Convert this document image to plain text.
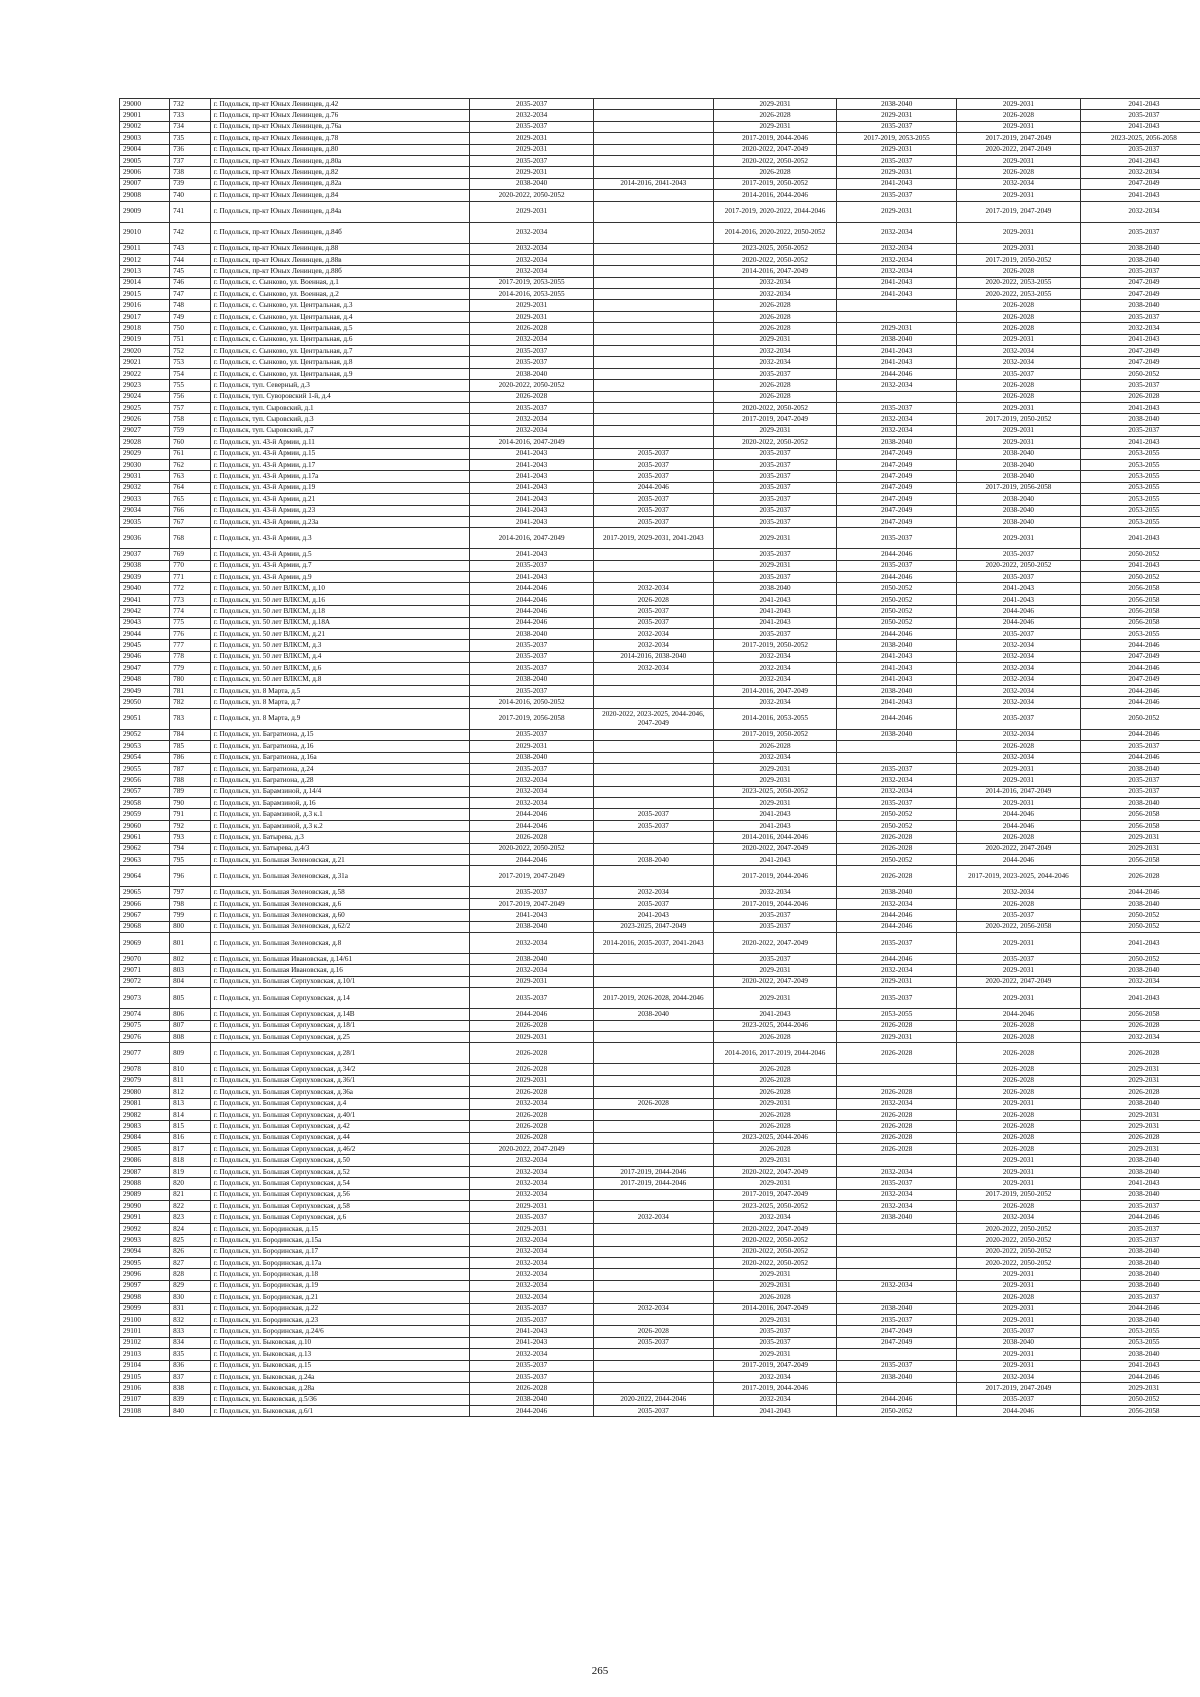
29000	732	г. Подольск, пр-кт Юных Ленинцев, д.42	2035-2037		2029-2031	2038-2040	2029-2031	2041-2043
29001	733	г. Подольск, пр-кт Юных Ленинцев, д.76	2032-2034		2026-2028	2029-2031	2026-2028	2035-2037
29002	734	г. Подольск, пр-кт Юных Ленинцев, д.76а	2035-2037		2029-2031	2035-2037	2029-2031	2041-2043
29003	735	г. Подольск, пр-кт Юных Ленинцев, д.78	2029-2031		2017-2019, 2044-2046	2017-2019, 2053-2055	2017-2019, 2047-2049	2023-2025, 2056-2058
29004	736	г. Подольск, пр-кт Юных Ленинцев, д.80	2029-2031		2020-2022, 2047-2049	2029-2031	2020-2022, 2047-2049	2035-2037
29005	737	г. Подольск, пр-кт Юных Ленинцев, д.80а	2035-2037		2020-2022, 2050-2052	2035-2037	2029-2031	2041-2043
29006	738	г. Подольск, пр-кт Юных Ленинцев, д.82	2029-2031		2026-2028	2029-2031	2026-2028	2032-2034
29007	739	г. Подольск, пр-кт Юных Ленинцев, д.82а	2038-2040	2014-2016, 2041-2043	2017-2019, 2050-2052	2041-2043	2032-2034	2047-2049
29008	740	г. Подольск, пр-кт Юных Ленинцев, д.84	2020-2022, 2050-2052		2014-2016, 2044-2046	2035-2037	2029-2031	2041-2043
29009	741	г. Подольск, пр-кт Юных Ленинцев, д.84а	2029-2031		2017-2019, 2020-2022, 2044-2046	2029-2031	2017-2019, 2047-2049	2032-2034
29010	742	г. Подольск, пр-кт Юных Ленинцев, д.84б	2032-2034		2014-2016, 2020-2022, 2050-2052	2032-2034	2029-2031	2035-2037
29011	743	г. Подольск, пр-кт Юных Ленинцев, д.88	2032-2034		2023-2025, 2050-2052	2032-2034	2029-2031	2038-2040
29012	744	г. Подольск, пр-кт Юных Ленинцев, д.88в	2032-2034		2020-2022, 2050-2052	2032-2034	2017-2019, 2050-2052	2038-2040
29013	745	г. Подольск, пр-кт Юных Ленинцев, д.88б	2032-2034		2014-2016, 2047-2049	2032-2034	2026-2028	2035-2037
29014	746	г. Подольск, с. Сынково, ул. Военная, д.1	2017-2019, 2053-2055		2032-2034	2041-2043	2020-2022, 2053-2055	2047-2049
29015	747	г. Подольск, с. Сынково, ул. Военная, д.2	2014-2016, 2053-2055		2032-2034	2041-2043	2020-2022, 2053-2055	2047-2049
29016	748	г. Подольск, с. Сынково, ул. Центральная, д.3	2029-2031		2026-2028		2026-2028	2038-2040
29017	749	г. Подольск, с. Сынково, ул. Центральная, д.4	2029-2031		2026-2028		2026-2028	2035-2037
29018	750	г. Подольск, с. Сынково, ул. Центральная, д.5	2026-2028		2026-2028	2029-2031	2026-2028	2032-2034
29019	751	г. Подольск, с. Сынково, ул. Центральная, д.6	2032-2034		2029-2031	2038-2040	2029-2031	2041-2043
29020	752	г. Подольск, с. Сынково, ул. Центральная, д.7	2035-2037		2032-2034	2041-2043	2032-2034	2047-2049
29021	753	г. Подольск, с. Сынково, ул. Центральная, д.8	2035-2037		2032-2034	2041-2043	2032-2034	2047-2049
29022	754	г. Подольск, с. Сынково, ул. Центральная, д.9	2038-2040		2035-2037	2044-2046	2035-2037	2050-2052
29023	755	г. Подольск, туп. Северный, д.3	2020-2022, 2050-2052		2026-2028	2032-2034	2026-2028	2035-2037
29024	756	г. Подольск, туп. Суворовский 1-й, д.4	2026-2028		2026-2028		2026-2028	2026-2028
29025	757	г. Подольск, туп. Сыровский, д.1	2035-2037		2020-2022, 2050-2052	2035-2037	2029-2031	2041-2043
29026	758	г. Подольск, туп. Сыровский, д.3	2032-2034		2017-2019, 2047-2049	2032-2034	2017-2019, 2050-2052	2038-2040
29027	759	г. Подольск, туп. Сыровский, д.7	2032-2034		2029-2031	2032-2034	2029-2031	2035-2037
29028	760	г. Подольск, ул. 43-й Армии, д.11	2014-2016, 2047-2049		2020-2022, 2050-2052	2038-2040	2029-2031	2041-2043
29029	761	г. Подольск, ул. 43-й Армии, д.15	2041-2043	2035-2037	2035-2037	2047-2049	2038-2040	2053-2055
29030	762	г. Подольск, ул. 43-й Армии, д.17	2041-2043	2035-2037	2035-2037	2047-2049	2038-2040	2053-2055
29031	763	г. Подольск, ул. 43-й Армии, д.17а	2041-2043	2035-2037	2035-2037	2047-2049	2038-2040	2053-2055
29032	764	г. Подольск, ул. 43-й Армии, д.19	2041-2043	2044-2046	2035-2037	2047-2049	2017-2019, 2056-2058	2053-2055
29033	765	г. Подольск, ул. 43-й Армии, д.21	2041-2043	2035-2037	2035-2037	2047-2049	2038-2040	2053-2055
29034	766	г. Подольск, ул. 43-й Армии, д.23	2041-2043	2035-2037	2035-2037	2047-2049	2038-2040	2053-2055
29035	767	г. Подольск, ул. 43-й Армии, д.23а	2041-2043	2035-2037	2035-2037	2047-2049	2038-2040	2053-2055
29036	768	г. Подольск, ул. 43-й Армии, д.3	2014-2016, 2047-2049	2017-2019, 2029-2031, 2041-2043	2029-2031	2035-2037	2029-2031	2041-2043
29037	769	г. Подольск, ул. 43-й Армии, д.5	2041-2043		2035-2037	2044-2046	2035-2037	2050-2052
29038	770	г. Подольск, ул. 43-й Армии, д.7	2035-2037		2029-2031	2035-2037	2020-2022, 2050-2052	2041-2043
29039	771	г. Подольск, ул. 43-й Армии, д.9	2041-2043		2035-2037	2044-2046	2035-2037	2050-2052
29040	772	г. Подольск, ул. 50 лет ВЛКСМ, д.10	2044-2046	2032-2034	2038-2040	2050-2052	2041-2043	2056-2058
29041	773	г. Подольск, ул. 50 лет ВЛКСМ, д.16	2044-2046	2026-2028	2041-2043	2050-2052	2041-2043	2056-2058
29042	774	г. Подольск, ул. 50 лет ВЛКСМ, д.18	2044-2046	2035-2037	2041-2043	2050-2052	2044-2046	2056-2058
29043	775	г. Подольск, ул. 50 лет ВЛКСМ, д.18А	2044-2046	2035-2037	2041-2043	2050-2052	2044-2046	2056-2058
29044	776	г. Подольск, ул. 50 лет ВЛКСМ, д.21	2038-2040	2032-2034	2035-2037	2044-2046	2035-2037	2053-2055
29045	777	г. Подольск, ул. 50 лет ВЛКСМ, д.3	2035-2037	2032-2034	2017-2019, 2050-2052	2038-2040	2032-2034	2044-2046
29046	778	г. Подольск, ул. 50 лет ВЛКСМ, д.4	2035-2037	2014-2016, 2038-2040	2032-2034	2041-2043	2032-2034	2047-2049
29047	779	г. Подольск, ул. 50 лет ВЛКСМ, д.6	2035-2037	2032-2034	2032-2034	2041-2043	2032-2034	2044-2046
29048	780	г. Подольск, ул. 50 лет ВЛКСМ, д.8	2038-2040		2032-2034	2041-2043	2032-2034	2047-2049
29049	781	г. Подольск, ул. 8 Марта, д.5	2035-2037		2014-2016, 2047-2049	2038-2040	2032-2034	2044-2046
29050	782	г. Подольск, ул. 8 Марта, д.7	2014-2016, 2050-2052		2032-2034	2041-2043	2032-2034	2044-2046
29051	783	г. Подольск, ул. 8 Марта, д.9	2017-2019, 2056-2058	2020-2022, 2023-2025, 2044-2046, 2047-2049	2014-2016, 2053-2055	2044-2046	2035-2037	2050-2052
29052	784	г. Подольск, ул. Багратиона, д.15	2035-2037		2017-2019, 2050-2052	2038-2040	2032-2034	2044-2046
29053	785	г. Подольск, ул. Багратиона, д.16	2029-2031		2026-2028		2026-2028	2035-2037
29054	786	г. Подольск, ул. Багратиона, д.16а	2038-2040		2032-2034		2032-2034	2044-2046
29055	787	г. Подольск, ул. Багратиона, д.24	2035-2037		2029-2031	2035-2037	2029-2031	2038-2040
29056	788	г. Подольск, ул. Багратиона, д.28	2032-2034		2029-2031	2032-2034	2029-2031	2035-2037
29057	789	г. Подольск, ул. Барамзиной, д.14/4	2032-2034		2023-2025, 2050-2052	2032-2034	2014-2016, 2047-2049	2035-2037
29058	790	г. Подольск, ул. Барамзиной, д.16	2032-2034		2029-2031	2035-2037	2029-2031	2038-2040
29059	791	г. Подольск, ул. Барамзиной, д.3 к.1	2044-2046	2035-2037	2041-2043	2050-2052	2044-2046	2056-2058
29060	792	г. Подольск, ул. Барамзиной, д.3 к.2	2044-2046	2035-2037	2041-2043	2050-2052	2044-2046	2056-2058
29061	793	г. Подольск, ул. Батырева, д.3	2026-2028		2014-2016, 2044-2046	2026-2028	2026-2028	2029-2031
29062	794	г. Подольск, ул. Батырева, д.4/3	2020-2022, 2050-2052		2020-2022, 2047-2049	2026-2028	2020-2022, 2047-2049	2029-2031
29063	795	г. Подольск, ул. Большая Зеленовская, д.21	2044-2046	2038-2040	2041-2043	2050-2052	2044-2046	2056-2058
29064	796	г. Подольск, ул. Большая Зеленовская, д.31а	2017-2019, 2047-2049		2017-2019, 2044-2046	2026-2028	2017-2019, 2023-2025, 2044-2046	2026-2028
29065	797	г. Подольск, ул. Большая Зеленовская, д.58	2035-2037	2032-2034	2032-2034	2038-2040	2032-2034	2044-2046
29066	798	г. Подольск, ул. Большая Зеленовская, д.6	2017-2019, 2047-2049	2035-2037	2017-2019, 2044-2046	2032-2034	2026-2028	2038-2040
29067	799	г. Подольск, ул. Большая Зеленовская, д.60	2041-2043	2041-2043	2035-2037	2044-2046	2035-2037	2050-2052
29068	800	г. Подольск, ул. Большая Зеленовская, д.62/2	2038-2040	2023-2025, 2047-2049	2035-2037	2044-2046	2020-2022, 2056-2058	2050-2052
29069	801	г. Подольск, ул. Большая Зеленовская, д.8	2032-2034	2014-2016, 2035-2037, 2041-2043	2020-2022, 2047-2049	2035-2037	2029-2031	2041-2043
29070	802	г. Подольск, ул. Большая Ивановская, д.14/61	2038-2040		2035-2037	2044-2046	2035-2037	2050-2052
29071	803	г. Подольск, ул. Большая Ивановская, д.16	2032-2034		2029-2031	2032-2034	2029-2031	2038-2040
29072	804	г. Подольск, ул. Большая Серпуховская, д.10/1	2029-2031		2020-2022, 2047-2049	2029-2031	2020-2022, 2047-2049	2032-2034
29073	805	г. Подольск, ул. Большая Серпуховская, д.14	2035-2037	2017-2019, 2026-2028, 2044-2046	2029-2031	2035-2037	2029-2031	2041-2043
29074	806	г. Подольск, ул. Большая Серпуховская, д.14В	2044-2046	2038-2040	2041-2043	2053-2055	2044-2046	2056-2058
29075	807	г. Подольск, ул. Большая Серпуховская, д.18/1	2026-2028		2023-2025, 2044-2046	2026-2028	2026-2028	2026-2028
29076	808	г. Подольск, ул. Большая Серпуховская, д.25	2029-2031		2026-2028	2029-2031	2026-2028	2032-2034
29077	809	г. Подольск, ул. Большая Серпуховская, д.28/1	2026-2028		2014-2016, 2017-2019, 2044-2046	2026-2028	2026-2028	2026-2028
29078	810	г. Подольск, ул. Большая Серпуховская, д.34/2	2026-2028		2026-2028		2026-2028	2029-2031
29079	811	г. Подольск, ул. Большая Серпуховская, д.36/1	2029-2031		2026-2028		2026-2028	2029-2031
29080	812	г. Подольск, ул. Большая Серпуховская, д.36а	2026-2028		2026-2028	2026-2028	2026-2028	2026-2028
29081	813	г. Подольск, ул. Большая Серпуховская, д.4	2032-2034	2026-2028	2029-2031	2032-2034	2029-2031	2038-2040
29082	814	г. Подольск, ул. Большая Серпуховская, д.40/1	2026-2028		2026-2028	2026-2028	2026-2028	2029-2031
29083	815	г. Подольск, ул. Большая Серпуховская, д.42	2026-2028		2026-2028	2026-2028	2026-2028	2029-2031
29084	816	г. Подольск, ул. Большая Серпуховская, д.44	2026-2028		2023-2025, 2044-2046	2026-2028	2026-2028	2026-2028
29085	817	г. Подольск, ул. Большая Серпуховская, д.46/2	2020-2022, 2047-2049		2026-2028	2026-2028	2026-2028	2029-2031
29086	818	г. Подольск, ул. Большая Серпуховская, д.50	2032-2034		2029-2031		2029-2031	2038-2040
29087	819	г. Подольск, ул. Большая Серпуховская, д.52	2032-2034	2017-2019, 2044-2046	2020-2022, 2047-2049	2032-2034	2029-2031	2038-2040
29088	820	г. Подольск, ул. Большая Серпуховская, д.54	2032-2034	2017-2019, 2044-2046	2029-2031	2035-2037	2029-2031	2041-2043
29089	821	г. Подольск, ул. Большая Серпуховская, д.56	2032-2034		2017-2019, 2047-2049	2032-2034	2017-2019, 2050-2052	2038-2040
29090	822	г. Подольск, ул. Большая Серпуховская, д.58	2029-2031		2023-2025, 2050-2052	2032-2034	2026-2028	2035-2037
29091	823	г. Подольск, ул. Большая Серпуховская, д.6	2035-2037	2032-2034	2032-2034	2038-2040	2032-2034	2044-2046
29092	824	г. Подольск, ул. Бородинская, д.15	2029-2031		2020-2022, 2047-2049		2020-2022, 2050-2052	2035-2037
29093	825	г. Подольск, ул. Бородинская, д.15а	2032-2034		2020-2022, 2050-2052		2020-2022, 2050-2052	2035-2037
29094	826	г. Подольск, ул. Бородинская, д.17	2032-2034		2020-2022, 2050-2052		2020-2022, 2050-2052	2038-2040
29095	827	г. Подольск, ул. Бородинская, д.17а	2032-2034		2020-2022, 2050-2052		2020-2022, 2050-2052	2038-2040
29096	828	г. Подольск, ул. Бородинская, д.18	2032-2034		2029-2031		2029-2031	2038-2040
29097	829	г. Подольск, ул. Бородинская, д.19	2032-2034		2029-2031	2032-2034	2029-2031	2038-2040
29098	830	г. Подольск, ул. Бородинская, д.21	2032-2034		2026-2028		2026-2028	2035-2037
29099	831	г. Подольск, ул. Бородинская, д.22	2035-2037	2032-2034	2014-2016, 2047-2049	2038-2040	2029-2031	2044-2046
29100	832	г. Подольск, ул. Бородинская, д.23	2035-2037		2029-2031	2035-2037	2029-2031	2038-2040
29101	833	г. Подольск, ул. Бородинская, д.24/6	2041-2043	2026-2028	2035-2037	2047-2049	2035-2037	2053-2055
29102	834	г. Подольск, ул. Быковская, д.10	2041-2043	2035-2037	2035-2037	2047-2049	2038-2040	2053-2055
29103	835	г. Подольск, ул. Быковская, д.13	2032-2034		2029-2031		2029-2031	2038-2040
29104	836	г. Подольск, ул. Быковская, д.15	2035-2037		2017-2019, 2047-2049	2035-2037	2029-2031	2041-2043
29105	837	г. Подольск, ул. Быковская, д.24а	2035-2037		2032-2034	2038-2040	2032-2034	2044-2046
29106	838	г. Подольск, ул. Быковская, д.28а	2026-2028		2017-2019, 2044-2046		2017-2019, 2047-2049	2029-2031
29107	839	г. Подольск, ул. Быковская, д.5/36	2038-2040	2020-2022, 2044-2046	2032-2034	2044-2046	2035-2037	2050-2052
29108	840	г. Подольск, ул. Быковская, д.6/1	2044-2046	2035-2037	2041-2043	2050-2052	2044-2046	2056-2058
265
